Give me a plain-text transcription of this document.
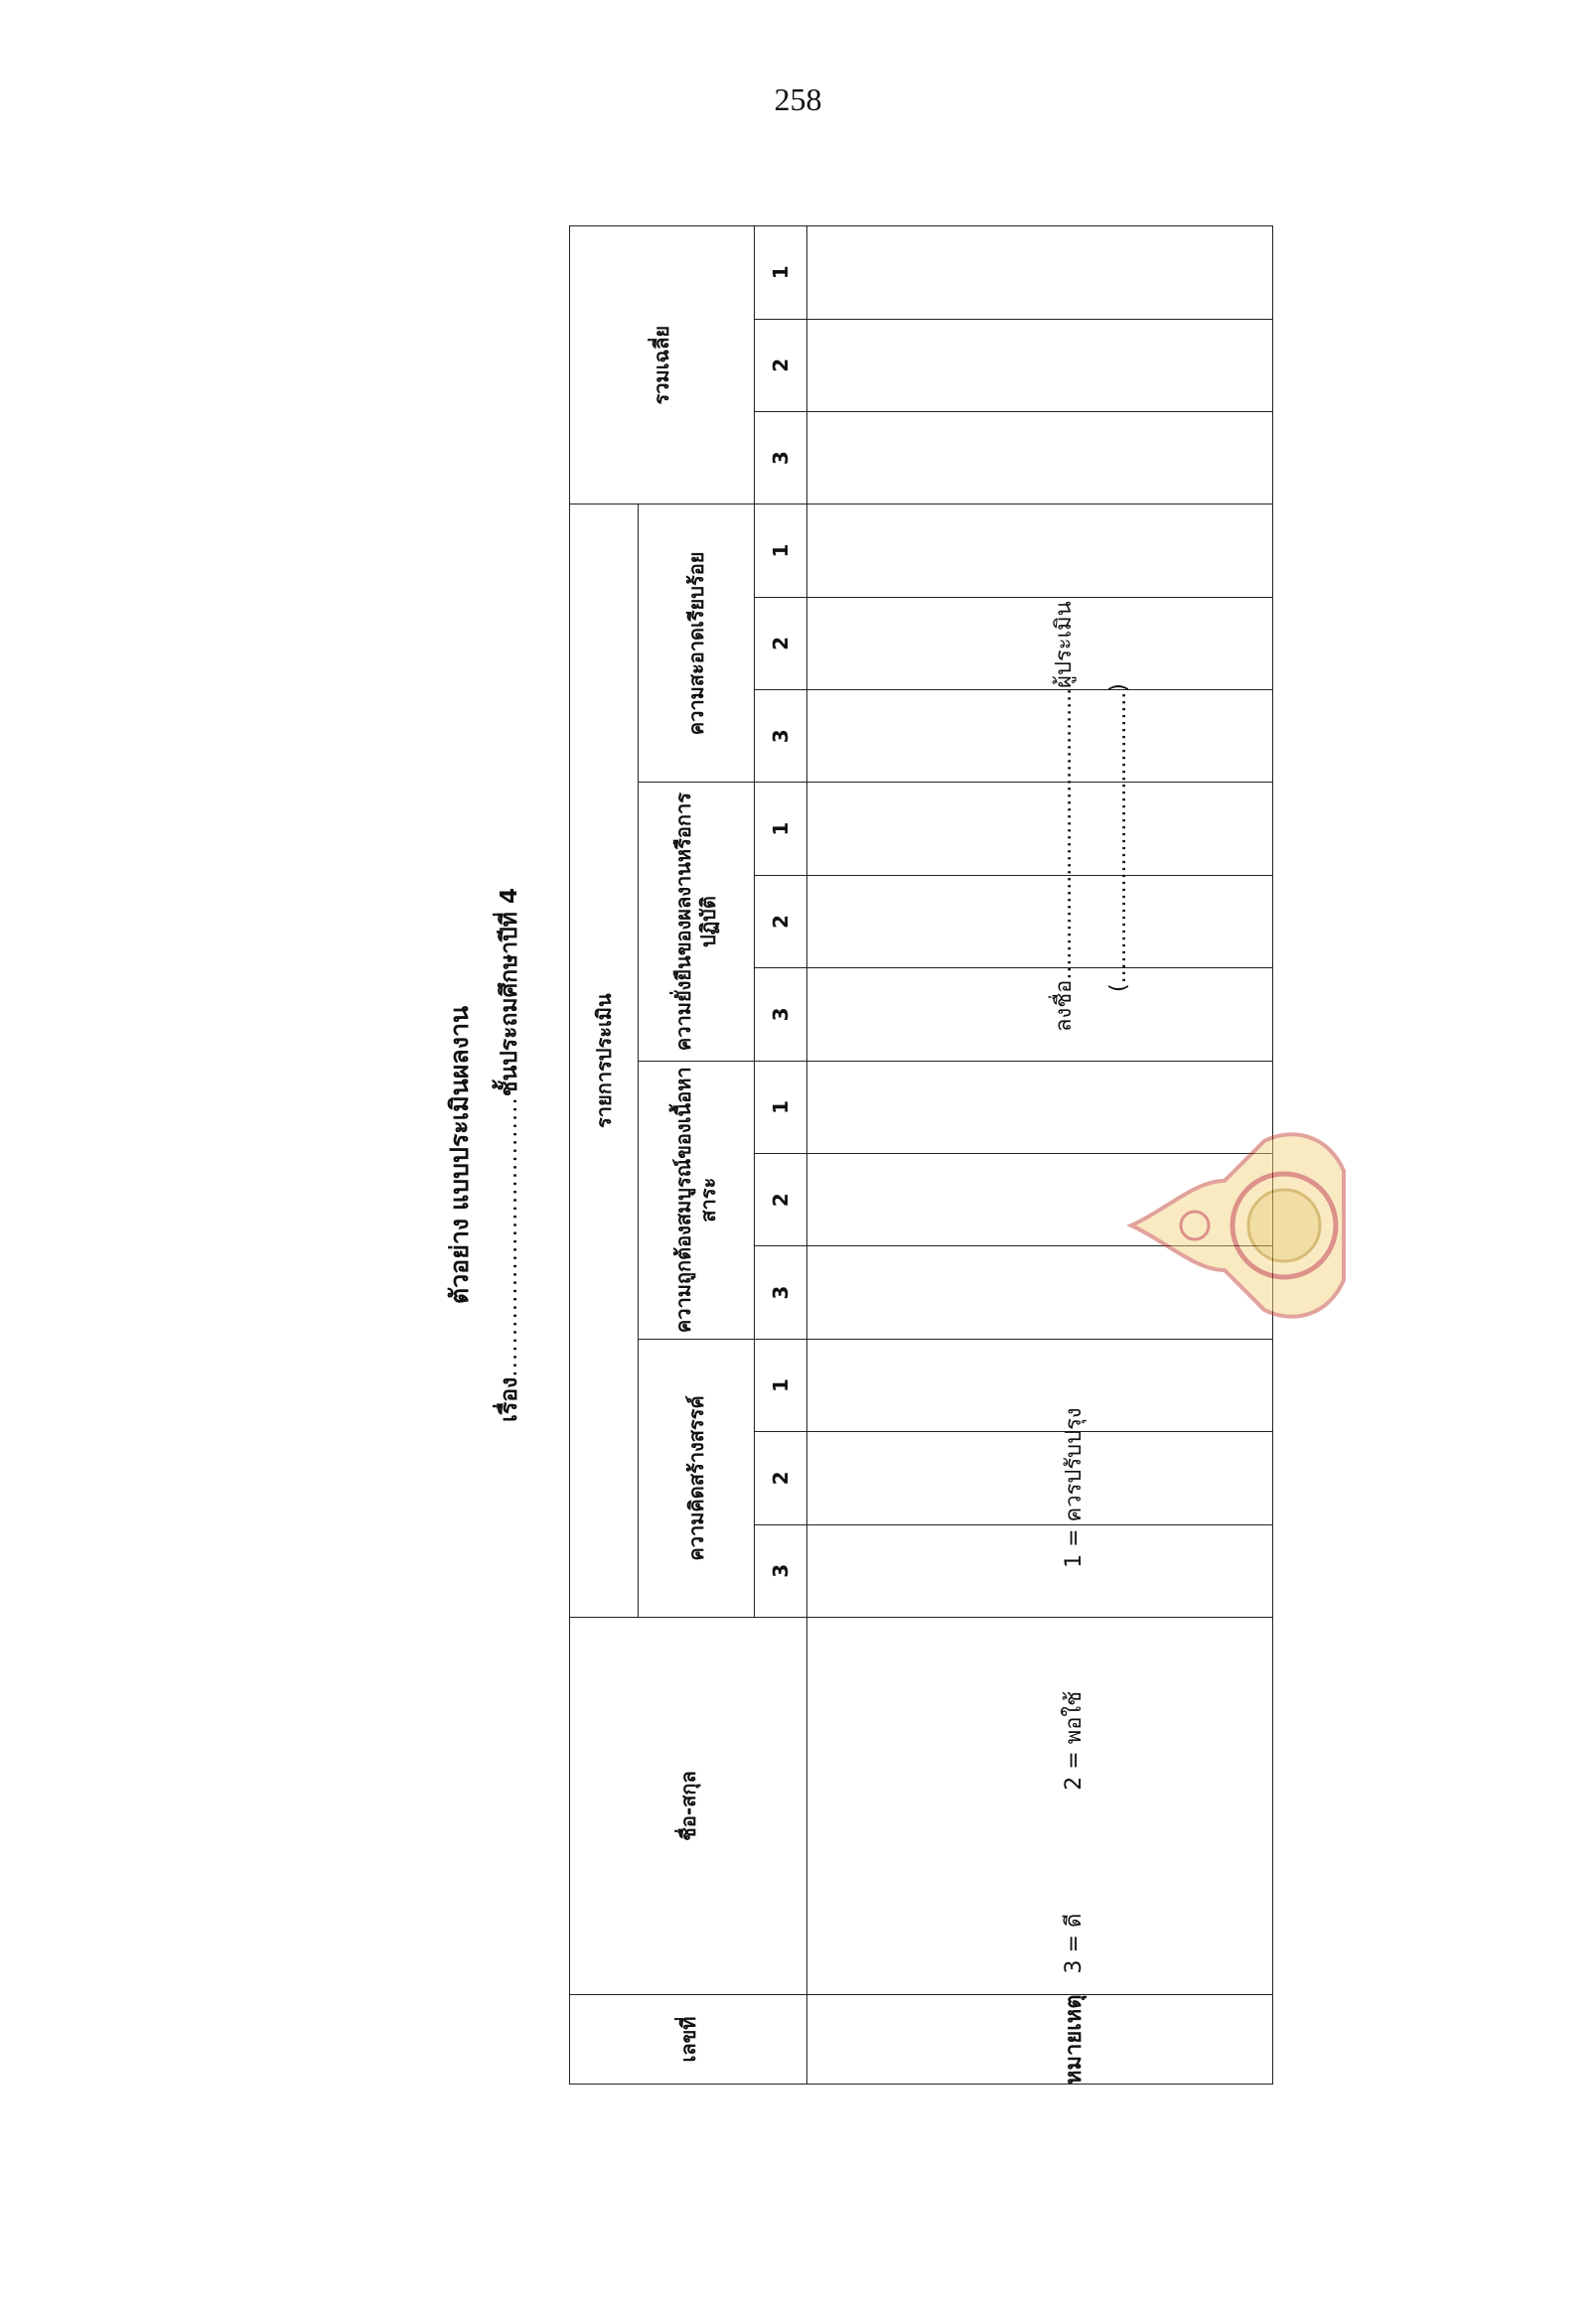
258
ตัวอย่างแบบประเมินผลงาน
เรื่อง..................................ชั้นประถมศึกษาปีที่ 4
เลขที่	ชื่อ-สกุล	รายการประเมิน												รวมเฉลี่ย		
		ความคิดสร้างสรรค์			ความถูกต้องสมบูรณ์ของเนื้อหาสาระ			ความยั่งยืนของผลงานหรือการปฏิบัติ			ความสะอาดเรียบร้อย					
		3	2	1	3	2	1	3	2	1	3	2	1	3	2	1

หมายเหตุ 3 = ดี  2 = พอใช้  1 = ควรปรับปรุง
ลงชื่อ..........................................ผู้ประเมิน
(..........................................)
